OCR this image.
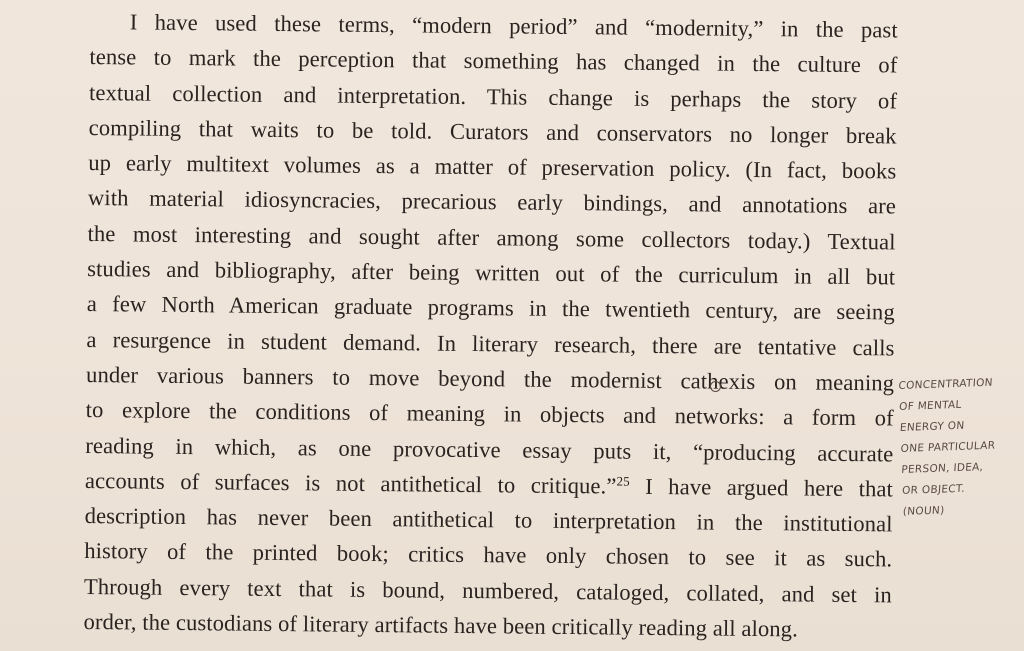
I have used these terms, “modern period” and “modernity,” in the past
tense to mark the perception that something has changed in the culture of
textual collection and interpretation. This change is perhaps the story of
compiling that waits to be told. Curators and conservators no longer break
up early multitext volumes as a matter of preservation policy. (In fact, books
with material idiosyncracies, precarious early bindings, and annotations are
the most interesting and sought after among some collectors today.) Textual
studies and bibliography, after being written out of the curriculum in all but
a few North American graduate programs in the twentieth century, are seeing
a resurgence in student demand. In literary research, there are tentative calls
under various banners to move beyond the modernist cathexis on meaning
to explore the conditions of meaning in objects and networks: a form of
reading in which, as one provocative essay puts it, “producing accurate
accounts of surfaces is not antithetical to critique.”$^{25}$ I have argued here that
description has never been antithetical to interpretation in the institutional
history of the printed book; critics have only chosen to see it as such.
Through every text that is bound, numbered, cataloged, collated, and set in
order, the custodians of literary artifacts have been critically reading all along.
CONCENTRATION
OF MENTAL
ENERGY ON
ONE PARTICULAR
PERSON, IDEA,
OR OBJECT.
(NOUN)
